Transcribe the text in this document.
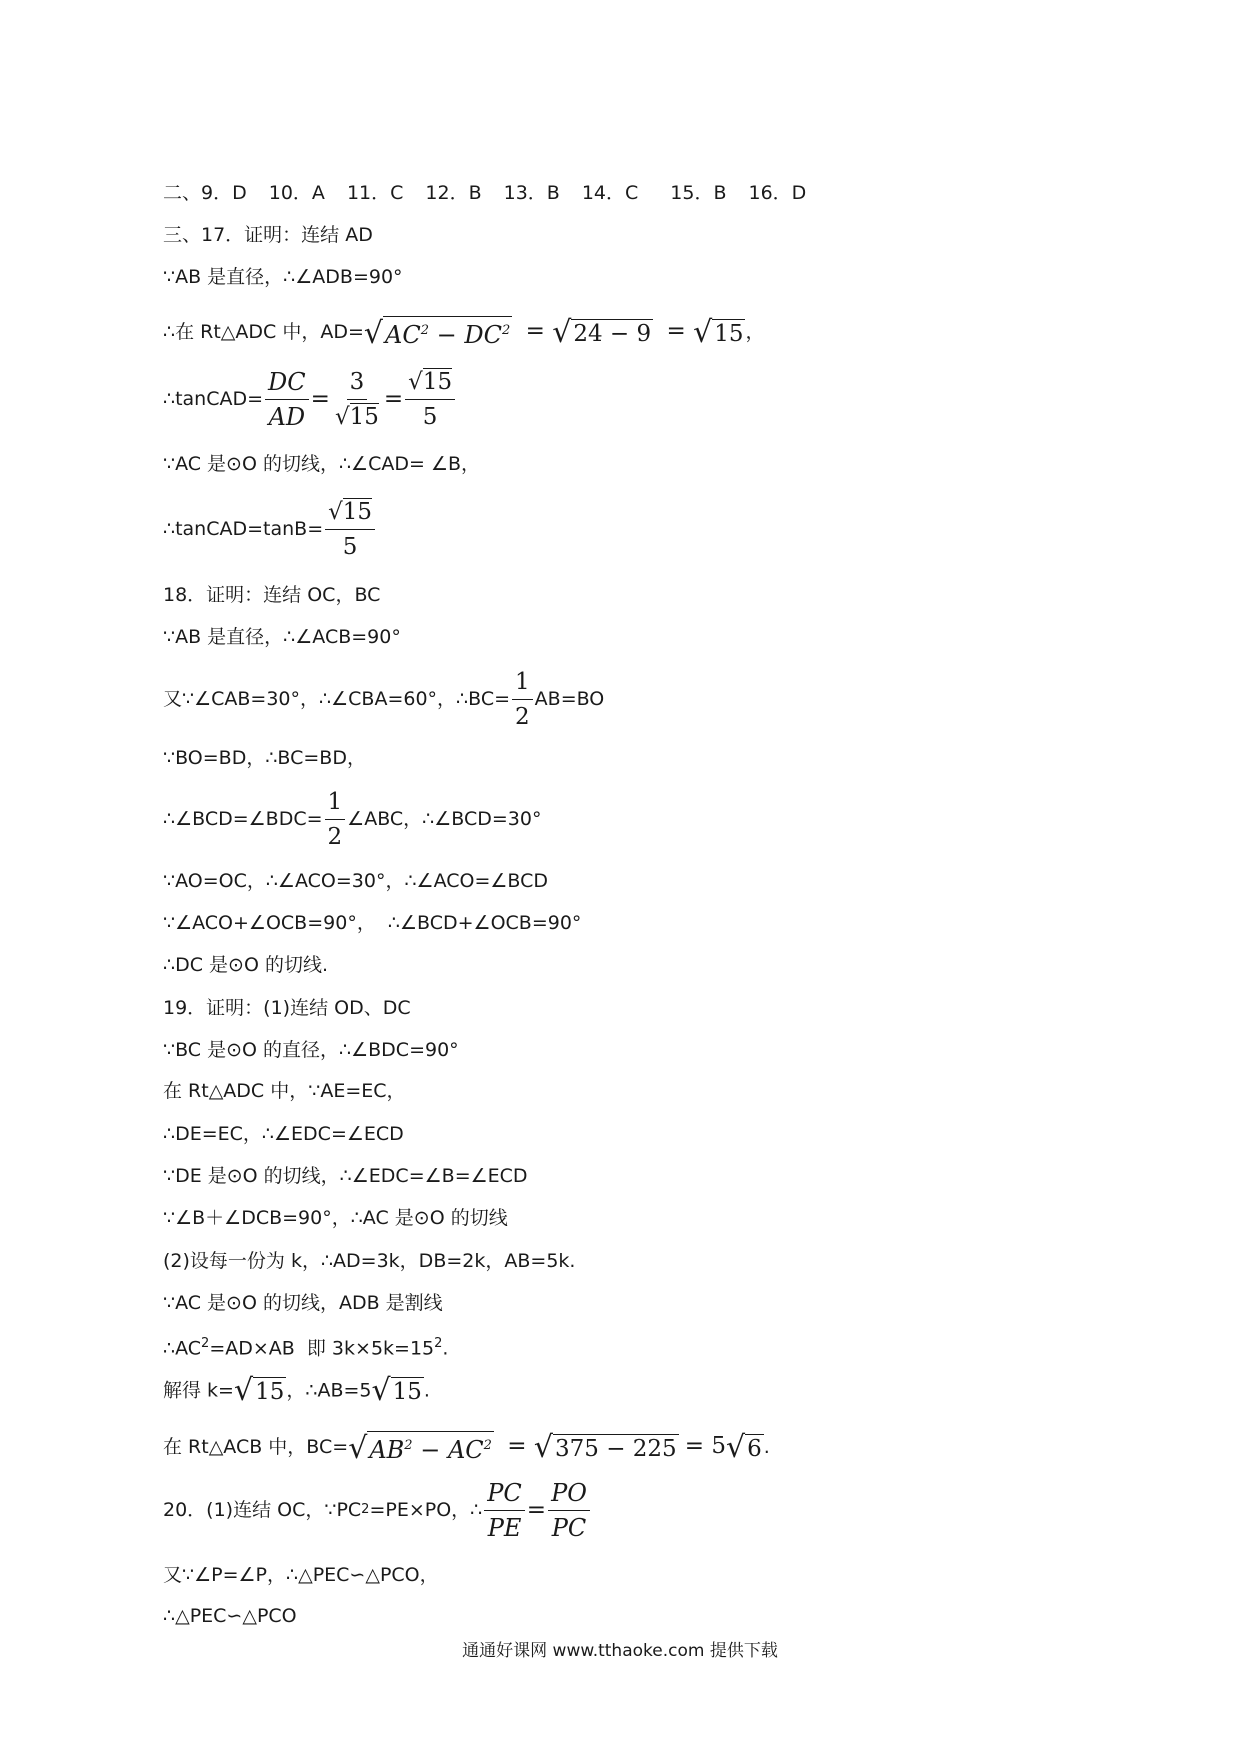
二、9．D 10．A 11．C 12．B 13．B 14．C 15．B 16．D
三、17．证明：连结 AD
∵AB 是直径，∴∠ADB=90°
∴在 Rt△ADC 中，AD= √ $AC^2 - DC^2$ = √ 24 − 9 = √ 15 ，
∴tanCAD= $\frac{DC}{AD} = \frac{3}{√15} = \frac{√15}{5}$
∵AC 是⊙O 的切线，∴∠CAD= ∠B，
∴tanCAD=tanB= $\frac{√15}{5}$
18．证明：连结 OC，BC
∵AB 是直径，∴∠ACB=90°
又∵∠CAB=30°，∴∠CBA=60°，∴BC= $\frac{1}{2} AB=BO$
∵BO=BD，∴BC=BD，
∴∠BCD=∠BDC= $\frac{1}{2}$ ∠ABC，∴∠BCD=30°
∵AO=OC，∴∠ACO=30°，∴∠ACO=∠BCD
∵∠ACO+∠OCB=90°，  ∴∠BCD+∠OCB=90°
∴DC 是⊙O 的切线.
19．证明：(1)连结 OD、DC
∵BC 是⊙O 的直径，∴∠BDC=90°
在 Rt△ADC 中，∵AE=EC，
∴DE=EC，∴∠EDC=∠ECD
∵DE 是⊙O 的切线，∴∠EDC=∠B=∠ECD
∵∠B＋∠DCB=90°，∴AC 是⊙O 的切线
(2)设每一份为 k，∴AD=3k，DB=2k，AB=5k.
∵AC 是⊙O 的切线，ADB 是割线
$\therefore AC^2=AD\times AB$  即 $3k\times 5k=15^2$.
解得 k= √ 15 ，∴AB=5 √ 15 .
在 Rt△ACB 中，BC= √ $AB^2 - AC^2$ = √ 375 − 225 = 5 √ 6 .
20．(1)连结 OC，∵PC 2 =PE×PO，∴ $\frac{PC}{PE} = \frac{PO}{PC}$
又∵∠P=∠P，∴△PEC∽△PCO，
∴△PEC∽△PCO
通通好课网 www.tthaoke.com 提供下载
